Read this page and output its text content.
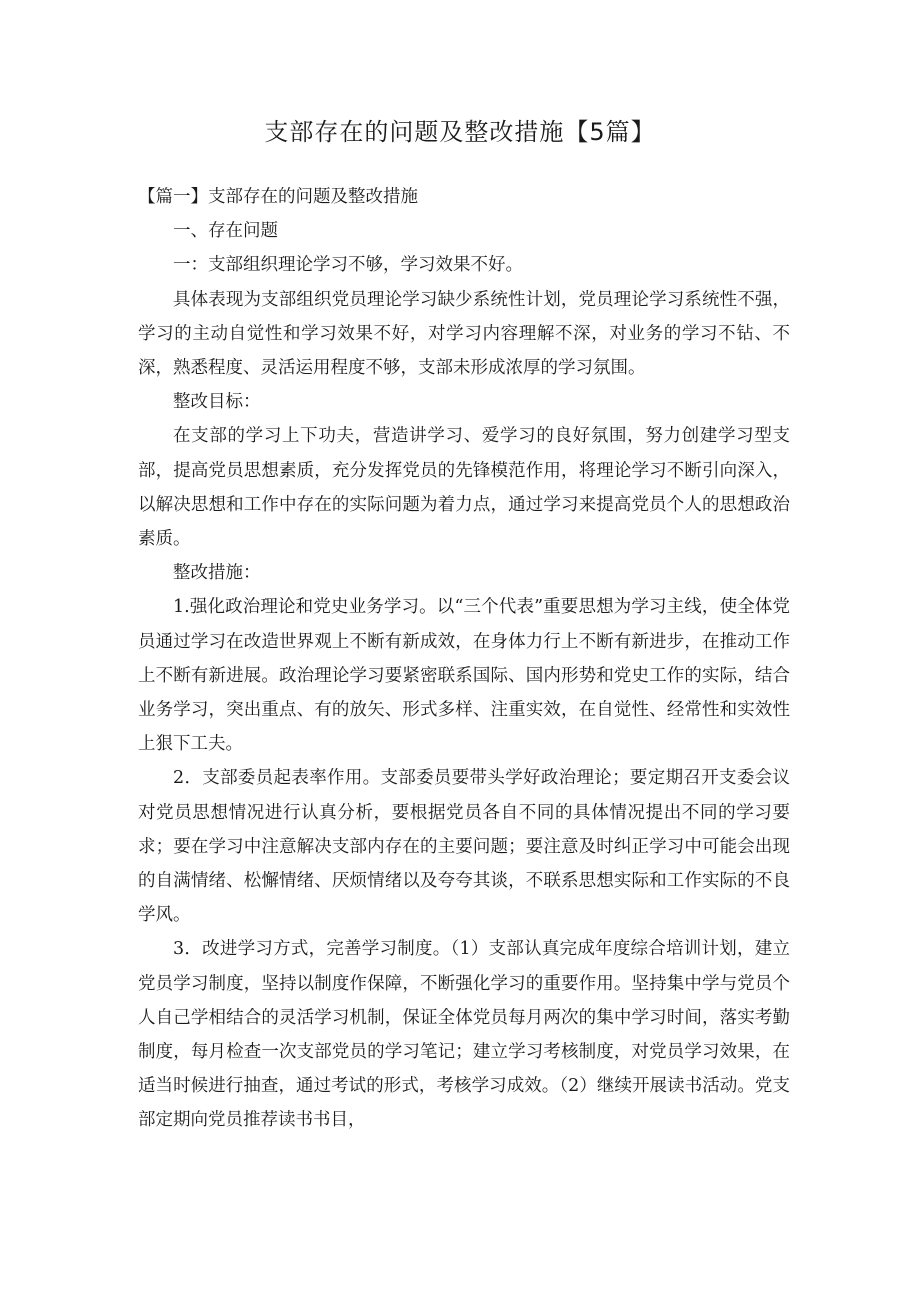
支部存在的问题及整改措施【5篇】

【篇一】支部存在的问题及整改措施

一、存在问题

一：支部组织理论学习不够，学习效果不好。

具体表现为支部组织党员理论学习缺少系统性计划，党员理论学习系统性不强，学习的主动自觉性和学习效果不好，对学习内容理解不深，对业务的学习不钻、不深，熟悉程度、灵活运用程度不够，支部未形成浓厚的学习氛围。

整改目标：

在支部的学习上下功夫，营造讲学习、爱学习的良好氛围，努力创建学习型支部，提高党员思想素质，充分发挥党员的先锋模范作用，将理论学习不断引向深入，以解决思想和工作中存在的实际问题为着力点，通过学习来提高党员个人的思想政治素质。

整改措施：

1.强化政治理论和党史业务学习。以“三个代表”重要思想为学习主线，使全体党员通过学习在改造世界观上不断有新成效，在身体力行上不断有新进步，在推动工作上不断有新进展。政治理论学习要紧密联系国际、国内形势和党史工作的实际，结合业务学习，突出重点、有的放矢、形式多样、注重实效，在自觉性、经常性和实效性上狠下工夫。

2．支部委员起表率作用。支部委员要带头学好政治理论；要定期召开支委会议对党员思想情况进行认真分析，要根据党员各自不同的具体情况提出不同的学习要求；要在学习中注意解决支部内存在的主要问题；要注意及时纠正学习中可能会出现的自满情绪、松懈情绪、厌烦情绪以及夸夸其谈，不联系思想实际和工作实际的不良学风。

3．改进学习方式，完善学习制度。（1）支部认真完成年度综合培训计划，建立党员学习制度，坚持以制度作保障，不断强化学习的重要作用。坚持集中学与党员个人自己学相结合的灵活学习机制，保证全体党员每月两次的集中学习时间，落实考勤制度，每月检查一次支部党员的学习笔记；建立学习考核制度，对党员学习效果，在适当时候进行抽查，通过考试的形式，考核学习成效。（2）继续开展读书活动。党支部定期向党员推荐读书书目，
